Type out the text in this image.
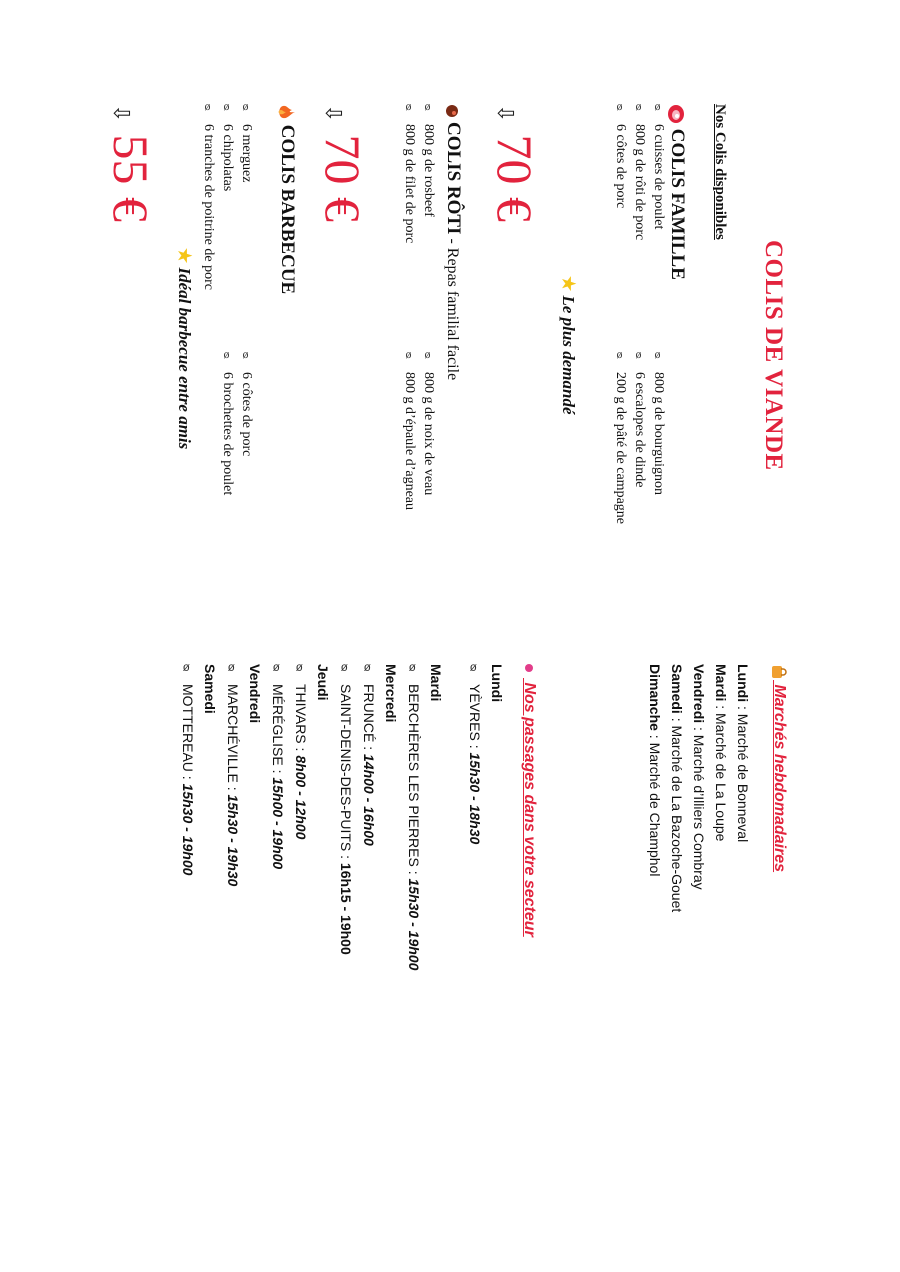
COLIS DE VIANDE
Nos Colis disponibles
COLIS FAMILLE
ᴓ6 cuisses de poulet
ᴓ800 g de rôti de porc
ᴓ6 côtes de porc
ᴓ800 g de bourguignon
ᴓ6 escalopes de dinde
ᴓ200 g de pâté de campagne
★ Le plus demandé
⇩ 70 €
COLIS RÔTI - Repas familial facile
ᴓ800 g de rosbeef
ᴓ800 g de filet de porc
ᴓ800 g de noix de veau
ᴓ800 g d’épaule d’agneau
⇩ 70 €
COLIS BARBECUE
ᴓ6 merguez
ᴓ6 chipolatas
ᴓ6 tranches de poitrine de porc
ᴓ6 côtes de porc
ᴓ6 brochettes de poulet
★ Idéal barbecue entre amis
⇩ 55 €
Marchés hebdomadaires
Lundi : Marché de Bonneval
Mardi : Marché de La Loupe
Vendredi : Marché d’Illiers Combray
Samedi : Marché de La Bazoche-Gouet
Dimanche : Marché de Champhol
Nos passages dans votre secteur
Lundi
ᴓYÈVRES : 15h30 - 18h30
Mardi
ᴓBERCHÈRES LES PIERRES : 15h30 - 19h00
Mercredi
ᴓFRUNCÉ : 14h00 - 16h00
ᴓSAINT-DENIS-DES-PUITS : 16h15 - 19h00
Jeudi
ᴓTHIVARS : 8h00 - 12h00
ᴓMÉRÉGLISE : 15h00 - 19h00
Vendredi
ᴓMARCHÉVILLE : 15h30 - 19h30
Samedi
ᴓMOTTEREAU : 15h30 - 19h00
